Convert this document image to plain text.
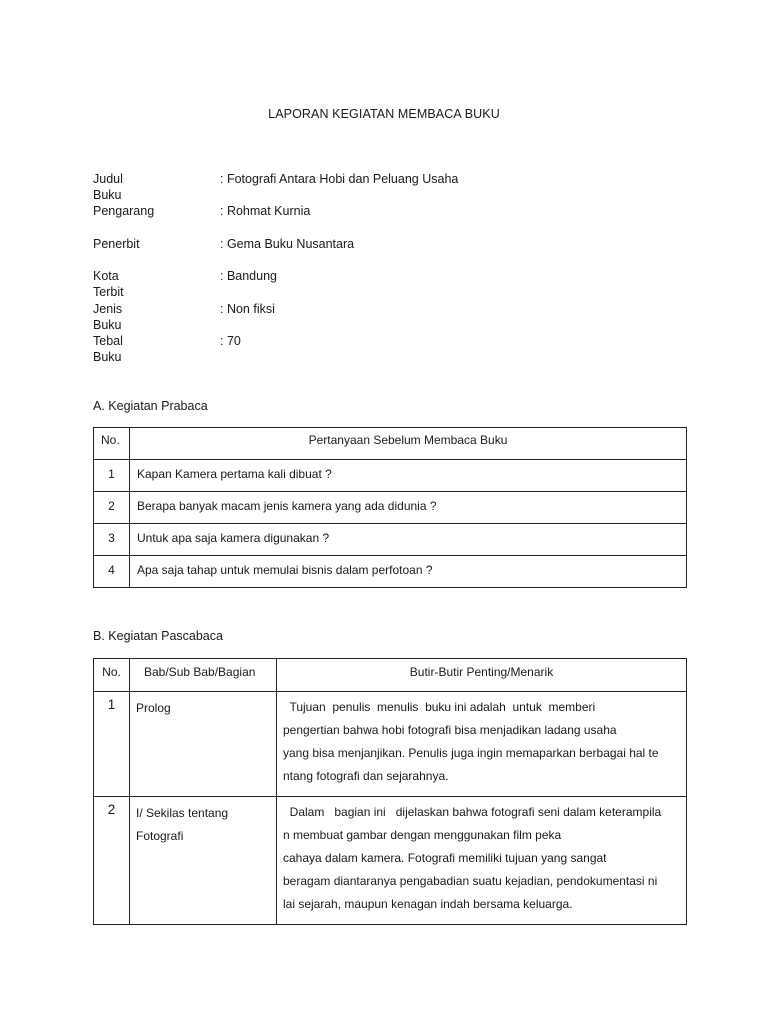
LAPORAN KEGIATAN MEMBACA BUKU
Judul Buku
: Fotografi Antara Hobi dan Peluang Usaha
Pengarang	: Rohmat Kurnia
Penerbit	: Gema Buku Nusantara
Kota Terbit
: Bandung
Jenis Buku
: Non fiksi
Tebal Buku
: 70
A. Kegiatan Prabaca
No.	Pertanyaan Sebelum Membaca Buku
1	Kapan Kamera pertama kali dibuat ?
2	Berapa banyak macam jenis kamera yang ada didunia ?
3	Untuk apa saja kamera digunakan ?
4	Apa saja tahap untuk memulai bisnis dalam perfotoan ?
B. Kegiatan Pascabaca
No.	Bab/Sub Bab/Bagian	Butir-Butir Penting/Menarik
1	Prolog	Tujuan  penulis  menulis  buku ini adalah  untuk  memberi
pengertian bahwa hobi fotografi bisa menjadikan ladang usaha
yang bisa menjanjikan. Penulis juga ingin memaparkan berbagai hal te
ntang fotografi dan sejarahnya.

2	I/ Sekilas tentang
Fotografi	Dalam   bagian ini   dijelaskan bahwa fotografi seni dalam keterampila
n membuat gambar dengan menggunakan film peka
cahaya dalam kamera. Fotografi memiliki tujuan yang sangat
beragam diantaranya pengabadian suatu kejadian, pendokumentasi ni
lai sejarah, maupun kenagan indah bersama keluarga.
